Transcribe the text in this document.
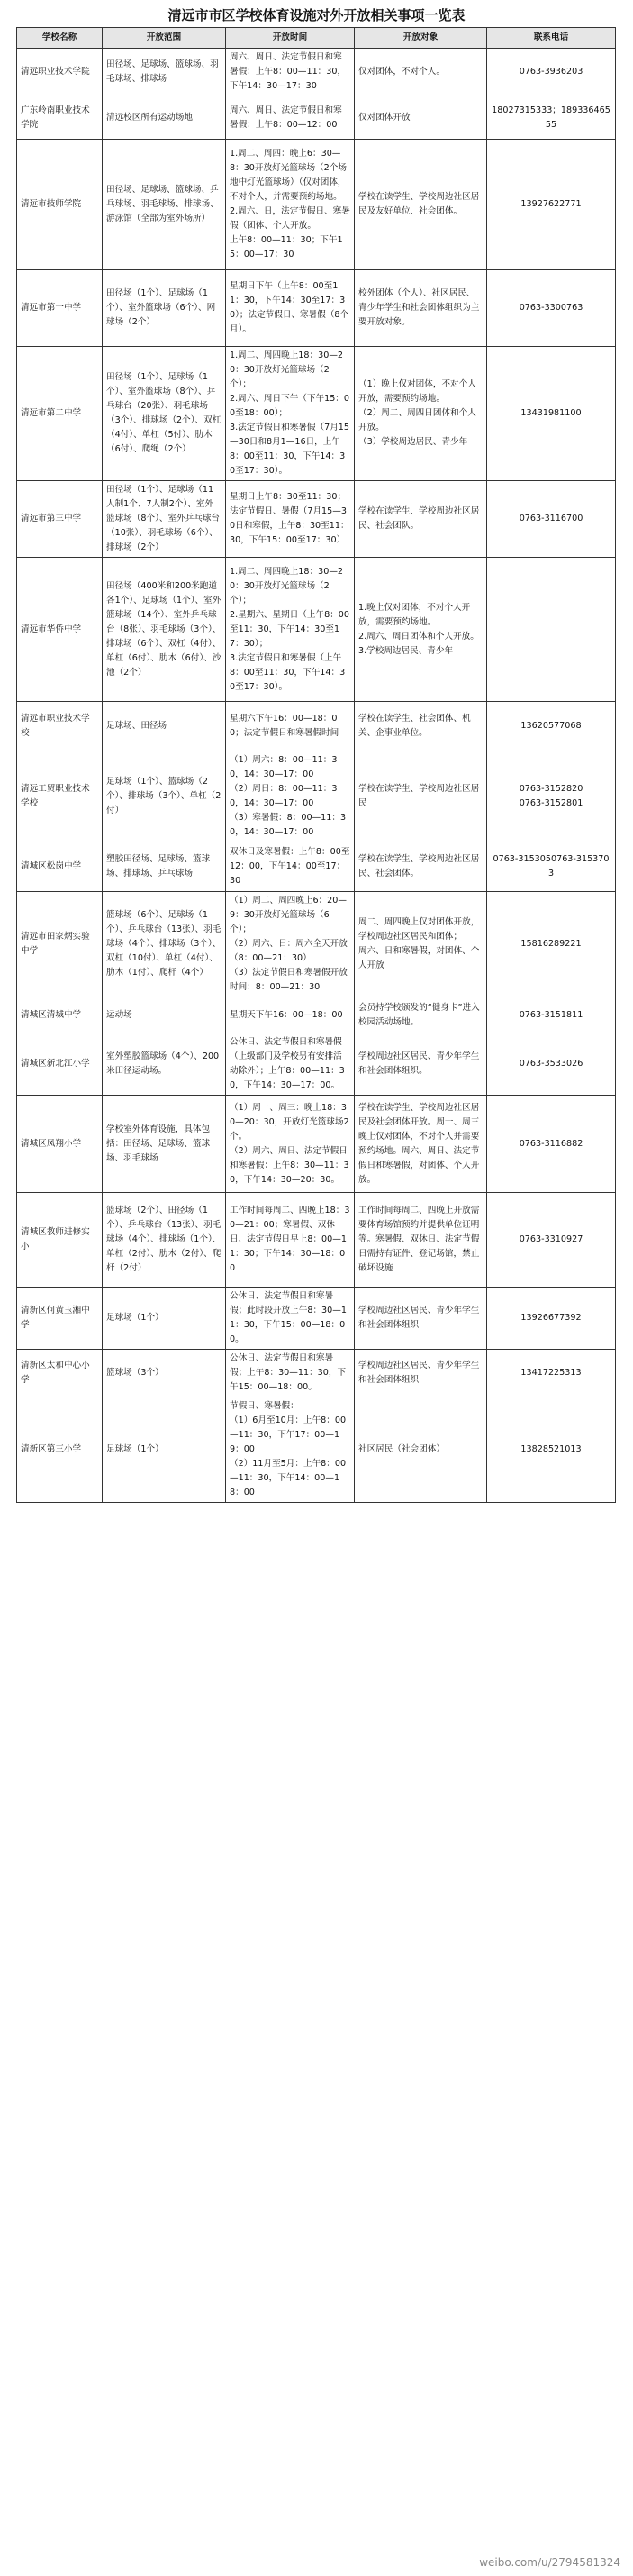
清远市市区学校体育设施对外开放相关事项一览表
学校名称	开放范围	开放时间	开放对象	联系电话
清远职业技术学院	田径场、足球场、篮球场、羽毛球场、排球场	周六、周日、法定节假日和寒暑假：上午8：00—11：30，下午14：30—17：30	仅对团体，不对个人。	0763-3936203
广东岭南职业技术学院	清远校区所有运动场地	周六、周日、法定节假日和寒暑假：上午8：00—12：00	仅对团体开放	18027315333；18933646555
清远市技师学院	田径场、足球场、篮球场、乒乓球场、羽毛球场、排球场、游泳馆（全部为室外场所）	1.周二、周四：晚上6：30—8：30开放灯光篮球场（2个场地中灯光篮球场）（仅对团体，不对个人，并需要预约场地。
2.周六、日，法定节假日、寒暑假（团体、个人开放。
上午8：00—11：30；下午15：00—17：30	学校在读学生、学校周边社区居民及友好单位、社会团体。	13927622771
清远市第一中学	田径场（1个）、足球场（1个）、室外篮球场（6个）、网球场（2个）	星期日下午（上午8：00至11：30，下午14：30至17：30）；法定节假日、寒暑假（8个月）。	校外团体（个人）、社区居民、青少年学生和社会团体组织为主要开放对象。	0763-3300763
清远市第二中学	田径场（1个）、足球场（1个）、室外篮球场（8个）、乒乓球台（20张）、羽毛球场（3个）、排球场（2个）、双杠（4付）、单杠（5付）、肋木（6付）、爬绳（2个）	1.周二、周四晚上18：30—20：30开放灯光篮球场（2个）；
2.周六、周日下午（下午15：00至18：00）；
3.法定节假日和寒暑假（7月15—30日和8月1—16日，上午8：00至11：30，下午14：30至17：30）。	（1）晚上仅对团体，不对个人开放，需要预约场地。
（2）周二、周四日团体和个人开放。
（3）学校周边居民、青少年	13431981100
清远市第三中学	田径场（1个）、足球场（11人制1个、7人制2个）、室外篮球场（8个）、室外乒乓球台（10张）、羽毛球场（6个）、排球场（2个）	星期日上午8：30至11：30；
法定节假日、暑假（7月15—30日和寒假，上午8：30至11：30，下午15：00至17：30）	学校在读学生、学校周边社区居民、社会团队。	0763-3116700
清远市华侨中学	田径场（400米和200米跑道各1个）、足球场（1个）、室外篮球场（14个）、室外乒乓球台（8张）、羽毛球场（3个）、排球场（6个）、双杠（4付）、单杠（6付）、肋木（6付）、沙池（2个）	1.周二、周四晚上18：30—20：30开放灯光篮球场（2个）；
2.星期六、星期日（上午8：00至11：30，下午14：30至17：30）；
3.法定节假日和寒暑假（上午8：00至11：30，下午14：30至17：30）。	1.晚上仅对团体，不对个人开放，需要预约场地。
2.周六、周日团体和个人开放。
3.学校周边居民、青少年	
清远市职业技术学校	足球场、田径场	星期六下午16：00—18：00；法定节假日和寒暑假时间	学校在读学生、社会团体、机关、企事业单位。	13620577068
清远工贸职业技术学校	足球场（1个）、篮球场（2个）、排球场（3个）、单杠（2付）	（1）周六：8：00—11：30，14：30—17：00
（2）周日：8：00—11：30，14：30—17：00
（3）寒暑假：8：00—11：30，14：30—17：00	学校在读学生、学校周边社区居民	0763-3152820
0763-3152801
清城区松岗中学	塑胶田径场、足球场、篮球场、排球场、乒乓球场	双休日及寒暑假：上午8：00至12：00，下午14：00至17：30	学校在读学生、学校周边社区居民、社会团体。	0763-3153050763-3153703
清远市田家炳实验中学	篮球场（6个）、足球场（1个）、乒乓球台（13张）、羽毛球场（4个）、排球场（3个）、双杠（10付）、单杠（4付）、肋木（1付）、爬杆（4个）	（1）周二、周四晚上6：20—9：30开放灯光篮球场（6个）；
（2）周六、日：周六全天开放（8：00—21：30）
（3）法定节假日和寒暑假开放时间：8：00—21：30	周二、周四晚上仅对团体开放，学校周边社区居民和团体；
周六、日和寒暑假，对团体、个人开放	15816289221
清城区清城中学	运动场	星期天下午16：00—18：00	会员持学校颁发的“健身卡”进入校园活动场地。	0763-3151811
清城区新北江小学	室外塑胶篮球场（4个）、200米田径运动场。	公休日、法定节假日和寒暑假（上级部门及学校另有安排活动除外）；上午8：00—11：30，下午14：30—17：00。	学校周边社区居民、青少年学生和社会团体组织。	0763-3533026
清城区凤翔小学	学校室外体育设施，具体包括：田径场、足球场、篮球场、羽毛球场	（1）周一、周三：晚上18：30—20：30，开放灯光篮球场2个。
（2）周六、周日、法定节假日和寒暑假：上午8：30—11：30，下午14：30—20：30。	学校在读学生、学校周边社区居民及社会团体开放。周一、周三晚上仅对团体，不对个人并需要预约场地。周六、周日、法定节假日和寒暑假，对团体、个人开放。	0763-3116882
清城区教师进修实小	篮球场（2个）、田径场（1个）、乒乓球台（13张）、羽毛球场（4个）、排球场（1个）、单杠（2付）、肋木（2付）、爬杆（2付）	工作时间每周二、四晚上18：30—21：00；寒暑假、双休日、法定节假日早上8：00—11：30；下午14：30—18：00	工作时间每周二、四晚上开放需要体育场馆预约并提供单位证明等。寒暑假、双休日、法定节假日需持有证件、登记场馆，禁止破坏设施	0763-3310927
清新区何黄玉湘中学	足球场（1个）	公休日、法定节假日和寒暑假；此时段开放上午8：30—11：30，下午15：00—18：00。	学校周边社区居民、青少年学生和社会团体组织	13926677392
清新区太和中心小学	篮球场（3个）	公休日、法定节假日和寒暑假；上午8：30—11：30，下午15：00—18：00。	学校周边社区居民、青少年学生和社会团体组织	13417225313
清新区第三小学	足球场（1个）	节假日、寒暑假：
（1）6月至10月：上午8：00—11：30，下午17：00—19：00
（2）11月至5月：上午8：00—11：30，下午14：00—18：00	社区居民（社会团体）	13828521013
weibo.com/u/2794581324
